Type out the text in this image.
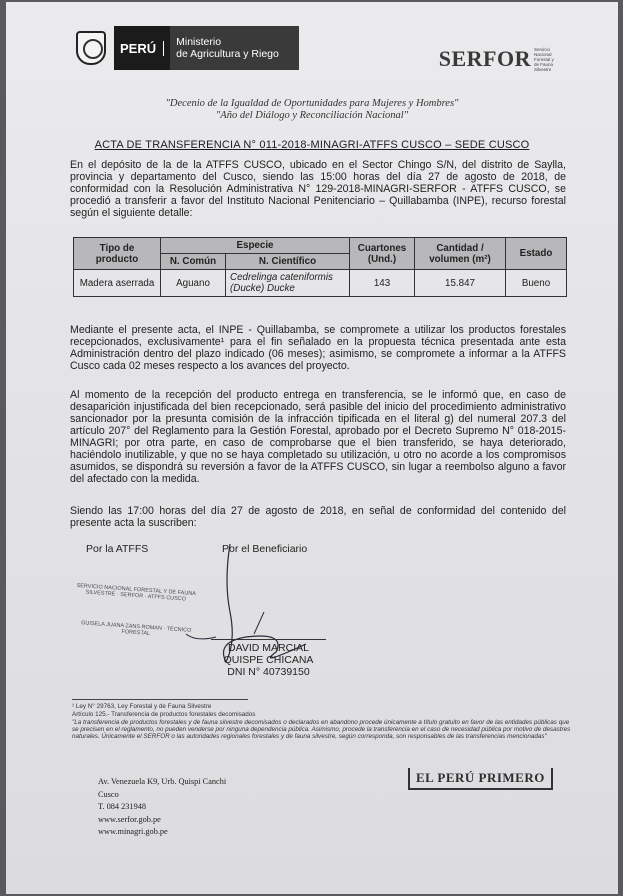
PERÚ	Ministerio
de Agricultura y Riego	SERFOR Servicio Nacional Forestal y de Fauna Silvestre
"Decenio de la Igualdad de Oportunidades para Mujeres y Hombres"
"Año del Diálogo y Reconciliación Nacional"
ACTA DE TRANSFERENCIA N° 011-2018-MINAGRI-ATFFS CUSCO – SEDE CUSCO
En el depósito de la de la ATFFS CUSCO, ubicado en el Sector Chingo S/N, del distrito de Saylla, provincia y departamento del Cusco, siendo las 15:00 horas del día 27 de agosto de 2018, de conformidad con la Resolución Administrativa N° 129-2018-MINAGRI-SERFOR - ATFFS CUSCO, se procedió a transferir a favor del Instituto Nacional Penitenciario – Quillabamba (INPE), recurso forestal según el siguiente detalle:
Tipo de producto	Especie		Cuartones (Und.)	Cantidad / volumen (m²)	Estado
	N. Común	N. Científico			
Madera aserrada	Aguano	Cedrelinga cateniformis (Ducke) Ducke	143	15.847	Bueno
Mediante el presente acta, el INPE - Quillabamba, se compromete a utilizar los productos forestales recepcionados, exclusivamente¹ para el fin señalado en la propuesta técnica presentada ante esta Administración dentro del plazo indicado (06 meses); asimismo, se compromete a informar a la ATFFS Cusco cada 02 meses respecto a los avances del proyecto.
Al momento de la recepción del producto entrega en transferencia, se le informó que, en caso de desaparición injustificada del bien recepcionado, será pasible del inicio del procedimiento administrativo sancionador por la presunta comisión de la infracción tipificada en el literal g) del numeral 207.3 del artículo 207° del Reglamento para la Gestión Forestal, aprobado por el Decreto Supremo N° 018-2015-MINAGRI; por otra parte, en caso de comprobarse que el bien transferido, se haya deteriorado, haciéndolo inutilizable, y que no se haya completado su utilización, u otro no acorde a los compromisos asumidos, se dispondrá su reversión a favor de la ATFFS CUSCO, sin lugar a reembolso alguno a favor del afectado con la medida.
Siendo las 17:00 horas del día 27 de agosto de 2018, en señal de conformidad del contenido del presente acta la suscriben:
Por la ATFFS	Por el Beneficiario
SERVICIO NACIONAL FORESTAL Y DE FAUNA SILVESTRE · SERFOR · ATFFS CUSCO
GUISELA JUANA ZANS ROMAN · TÉCNICO FORESTAL
DAVID MARCIAL
QUISPE CHICANA
DNI N° 40739150
¹ Ley N° 29763, Ley Forestal y de Fauna Silvestre
Artículo 125.- Transferencia de productos forestales decomisados
"La transferencia de productos forestales y de fauna silvestre decomisados o declarados en abandono procede únicamente a título gratuito en favor de las entidades públicas que se precisen en el reglamento, no pueden venderse por ninguna dependencia pública. Asimismo, procede la transferencia en el caso de necesidad pública por motivo de desastres naturales. Únicamente el SERFOR o las autoridades regionales forestales y de fauna silvestre, según corresponda, son responsables de las transferencias mencionadas"
Av. Venezuela K9, Urb. Quispi Canchi
Cusco
T. 084 231948
www.serfor.gob.pe
www.minagri.gob.pe
EL PERÚ PRIMERO
